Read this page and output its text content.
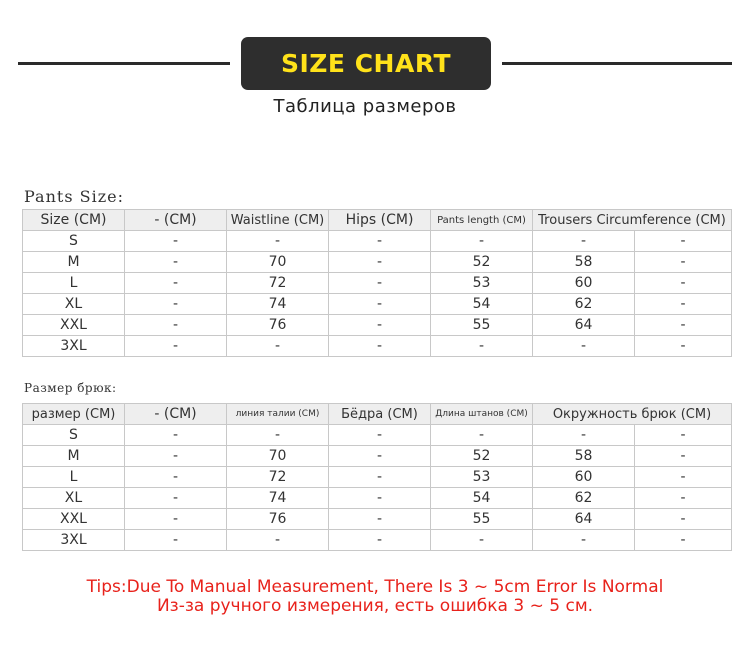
SIZE CHART
Таблица размеров
Pants Size:
Size (CM)	- (CM)	Waistline (CM)	Hips (CM)	Pants length (CM)	Trousers Circumference (CM)	
S	-	-	-	-	-	-
M	-	70	-	52	58	-
L	-	72	-	53	60	-
XL	-	74	-	54	62	-
XXL	-	76	-	55	64	-
3XL	-	-	-	-	-	-
Размер брюк:
размер (CM)	- (CM)	линия талии (CM)	Бёдра (CM)	Длина штанов (CM)	Окружность брюк (CM)	
S	-	-	-	-	-	-
M	-	70	-	52	58	-
L	-	72	-	53	60	-
XL	-	74	-	54	62	-
XXL	-	76	-	55	64	-
3XL	-	-	-	-	-	-
Tips:Due To Manual Measurement, There Is 3 ~ 5cm Error Is Normal
Из-за ручного измерения, есть ошибка 3 ~ 5 см.
